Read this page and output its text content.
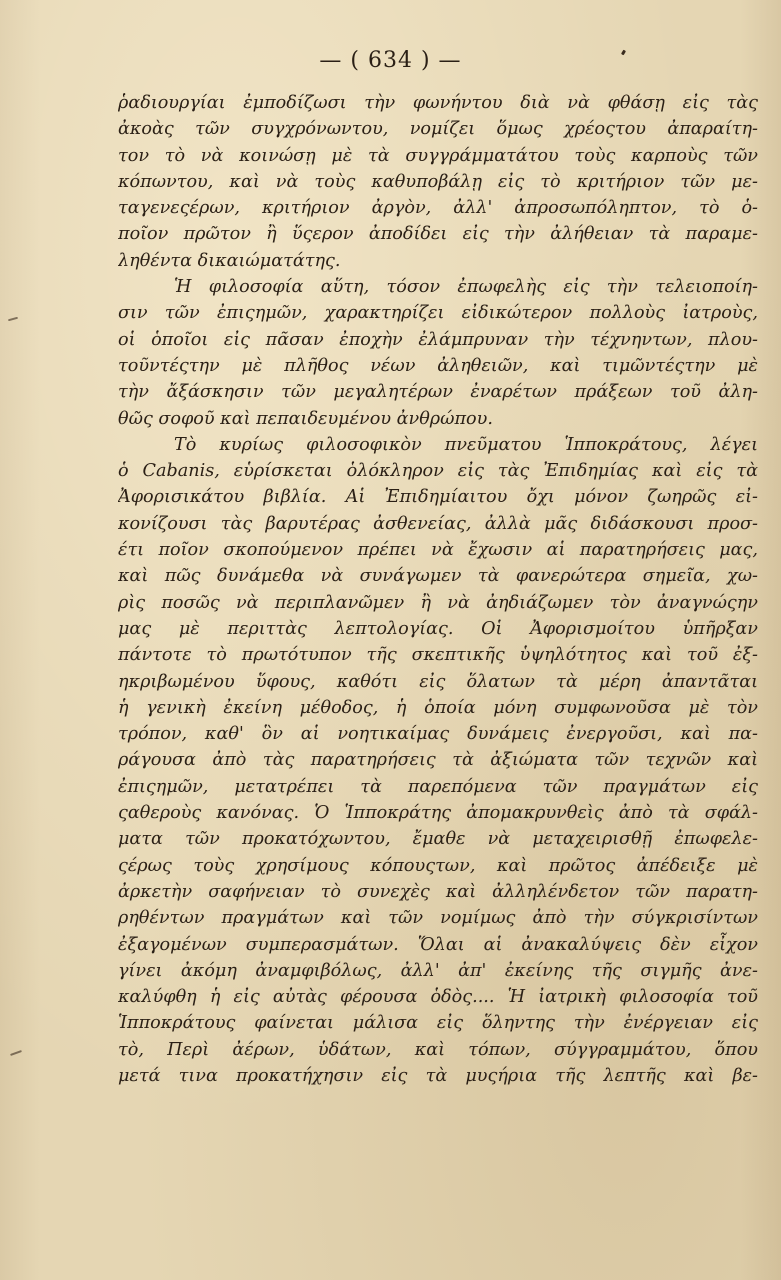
— ( 634 ) —
ῥαδιουργίαι ἐμποδίζωσι τὴν φωνήντου διὰ νὰ φθάσῃ εἰς τὰς
ἀκοὰς τῶν συγχρόνωντου, νομίζει ὅμως χρέοςτου ἀπαραίτη-
τον τὸ νὰ κοινώσῃ μὲ τὰ συγγράμματάτου τοὺς καρποὺς τῶν
κόπωντου, καὶ νὰ τοὺς καθυποβάλῃ εἰς τὸ κριτήριον τῶν με-
ταγενεςέρων, κριτήριον ἀργὸν, ἀλλ' ἀπροσωπόληπτον, τὸ ὁ-
ποῖον πρῶτον ἢ ὕςερον ἀποδίδει εἰς τὴν ἀλήθειαν τὰ παραμε-
ληθέντα δικαιώματάτης.
Ἡ φιλοσοφία αὕτη, τόσον ἐπωφελὴς εἰς τὴν τελειοποίη-
σιν τῶν ἐπιςημῶν, χαρακτηρίζει εἰδικώτερον πολλοὺς ἰατροὺς,
οἱ ὁποῖοι εἰς πᾶσαν ἐποχὴν ἐλάμπρυναν τὴν τέχνηντων, πλου-
τοῦντέςτην μὲ πλῆθος νέων ἀληθειῶν, καὶ τιμῶντέςτην μὲ
τὴν ἄξάσκησιν τῶν μεγαλητέρων ἐναρέτων πράξεων τοῦ ἀλη-
θῶς σοφοῦ καὶ πεπαιδευμένου ἀνθρώπου.
Τὸ κυρίως φιλοσοφικὸν πνεῦματου Ἱπποκράτους, λέγει
ὁ Cabanis, εὑρίσκεται ὁλόκληρον εἰς τὰς Ἐπιδημίας καὶ εἰς τὰ
Ἀφορισικάτου βιβλία. Αἱ Ἐπιδημίαιτου ὄχι μόνον ζωηρῶς εἰ-
κονίζουσι τὰς βαρυτέρας ἀσθενείας, ἀλλὰ μᾶς διδάσκουσι προσ-
έτι ποῖον σκοπούμενον πρέπει νὰ ἔχωσιν αἱ παρατηρήσεις μας,
καὶ πῶς δυνάμεθα νὰ συνάγωμεν τὰ φανερώτερα σημεῖα, χω-
ρὶς ποσῶς νὰ περιπλανῶμεν ἢ νὰ ἀηδιάζωμεν τὸν ἀναγνώςην
μας μὲ περιττὰς λεπτολογίας. Οἱ Ἀφορισμοίτου ὑπῆρξαν
πάντοτε τὸ πρωτότυπον τῆς σκεπτικῆς ὑψηλότητος καὶ τοῦ ἐξ-
ηκριβωμένου ὕφους, καθότι εἰς ὅλατων τὰ μέρη ἀπαντᾶται
ἡ γενικὴ ἐκείνη μέθοδος, ἡ ὁποία μόνη συμφωνοῦσα μὲ τὸν
τρόπον, καθ' ὃν αἱ νοητικαίμας δυνάμεις ἐνεργοῦσι, καὶ πα-
ράγουσα ἀπὸ τὰς παρατηρήσεις τὰ ἀξιώματα τῶν τεχνῶν καὶ
ἐπιςημῶν, μετατρέπει τὰ παρεπόμενα τῶν πραγμάτων εἰς
ςαθεροὺς κανόνας. Ὁ Ἱπποκράτης ἀπομακρυνθεὶς ἀπὸ τὰ σφάλ-
ματα τῶν προκατόχωντου, ἔμαθε νὰ μεταχειρισθῇ ἐπωφελε-
ςέρως τοὺς χρησίμους κόπουςτων, καὶ πρῶτος ἀπέδειξε μὲ
ἀρκετὴν σαφήνειαν τὸ συνεχὲς καὶ ἀλληλένδετον τῶν παρατη-
ρηθέντων πραγμάτων καὶ τῶν νομίμως ἀπὸ τὴν σύγκρισίντων
ἐξαγομένων συμπερασμάτων. Ὅλαι αἱ ἀνακαλύψεις δὲν εἶχον
γίνει ἀκόμη ἀναμφιβόλως, ἀλλ' ἀπ' ἐκείνης τῆς σιγμῆς ἀνε-
καλύφθη ἡ εἰς αὐτὰς φέρουσα ὁδὸς.... Ἡ ἰατρικὴ φιλοσοφία τοῦ
Ἱπποκράτους φαίνεται μάλισα εἰς ὅληντης τὴν ἐνέργειαν εἰς
τὸ, Περὶ ἀέρων, ὑδάτων, καὶ τόπων, σύγγραμμάτου, ὅπου
μετά τινα προκατήχησιν εἰς τὰ μυςήρια τῆς λεπτῆς καὶ βε-
